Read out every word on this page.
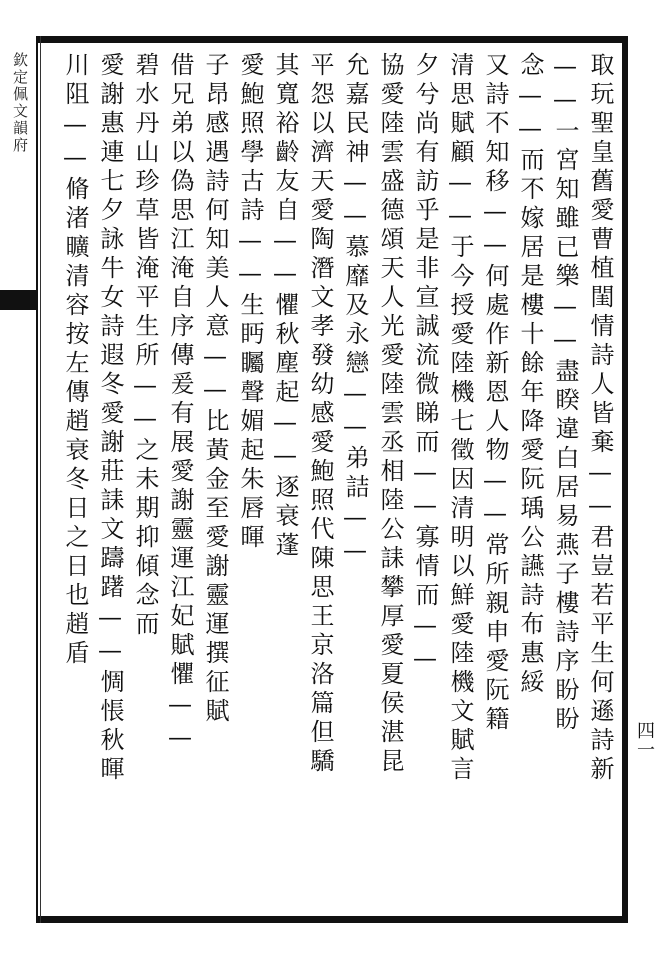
欽定佩文韻府
四一
取玩聖皇舊愛曹植閨情詩人皆棄——君豈若平生何遜詩新
——一宮知雖已樂——盡睽違白居易燕子樓詩序盼盼
念——而不嫁居是樓十餘年降愛阮瑀公讌詩布惠綏
又詩不知移——何處作新恩人物——常所親申愛阮籍
清思賦顧——于今授愛陸機七徵因清明以鮮愛陸機文賦言
夕兮尚有訪乎是非宣誠流微睇而——寡情而——
協愛陸雲盛德頌天人光愛陸雲丞相陸公誄攀厚愛夏侯湛昆
允嘉民神——慕靡及永戀——弟詰——
平怨以濟天愛陶潛文孝發幼感愛鮑照代陳思王京洛篇但驕
其寬裕齡友自——懼秋塵起——逐衰蓬
愛鮑照學古詩——生眄矚聲媚起朱唇暉
子昂感遇詩何知美人意——比黃金至愛謝靈運撰征賦
借兄弟以偽思江淹自序傳爰有展愛謝靈運江妃賦懼——
碧水丹山珍草皆淹平生所——之未期抑傾念而
愛謝惠連七夕詠牛女詩遐冬愛謝莊誄文躊躇——惆悵秋暉
川阻——脩渚曠清容按左傳趙衰冬日之日也趙盾
